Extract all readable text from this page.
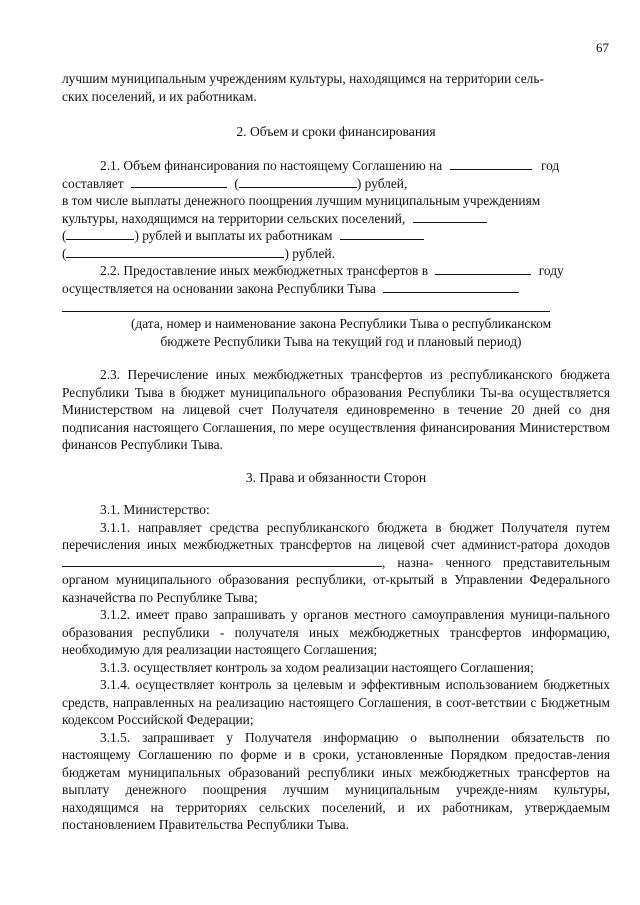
67

лучшим муниципальным учреждениям культуры, находящимся на территории сель-

ских поселений, и их работникам.

2. Объем и сроки финансирования

2.1. Объем финансирования по настоящему Соглашению на	год

составляет	(	) рублей,

в том числе выплаты денежного поощрения лучшим муниципальным учреждениям

культуры, находящимся на территории сельских поселений,

(	) рублей и выплаты их работникам

(	) рублей.

2.2. Предоставление иных межбюджетных трансфертов в	году

осуществляется на основании закона Республики Тыва

(дата, номер и наименование закона Республики Тыва о республиканском

бюджете Республики Тыва на текущий год и плановый период)

2.3. Перечисление иных межбюджетных трансфертов из республиканского бюджета Республики Тыва в бюджет муниципального образования Республики Ты-ва осуществляется Министерством на лицевой счет Получателя единовременно в течение 20 дней со дня подписания настоящего Соглашения, по мере осуществления финансирования Министерством финансов Республики Тыва.

3. Права и обязанности Сторон

3.1. Министерство:

3.1.1. направляет средства республиканского бюджета в бюджет Получателя путем перечисления иных межбюджетных трансфертов на лицевой счет админист-ратора доходов , назна- ченного представительным органом муниципального образования республики, от-крытый в Управлении Федерального казначейства по Республике Тыва;

3.1.2. имеет право запрашивать у органов местного самоуправления муници-пального образования республики - получателя иных межбюджетных трансфертов информацию, необходимую для реализации настоящего Соглашения;

3.1.3. осуществляет контроль за ходом реализации настоящего Соглашения;

3.1.4. осуществляет контроль за целевым и эффективным использованием бюджетных средств, направленных на реализацию настоящего Соглашения, в соот-ветствии с Бюджетным кодексом Российской Федерации;

3.1.5. запрашивает у Получателя информацию о выполнении обязательств по настоящему Соглашению по форме и в сроки, установленные Порядком предостав-ления бюджетам муниципальных образований республики иных межбюджетных трансфертов на выплату денежного поощрения лучшим муниципальным учрежде-ниям культуры, находящимся на территориях сельских поселений, и их работникам, утверждаемым постановлением Правительства Республики Тыва.
